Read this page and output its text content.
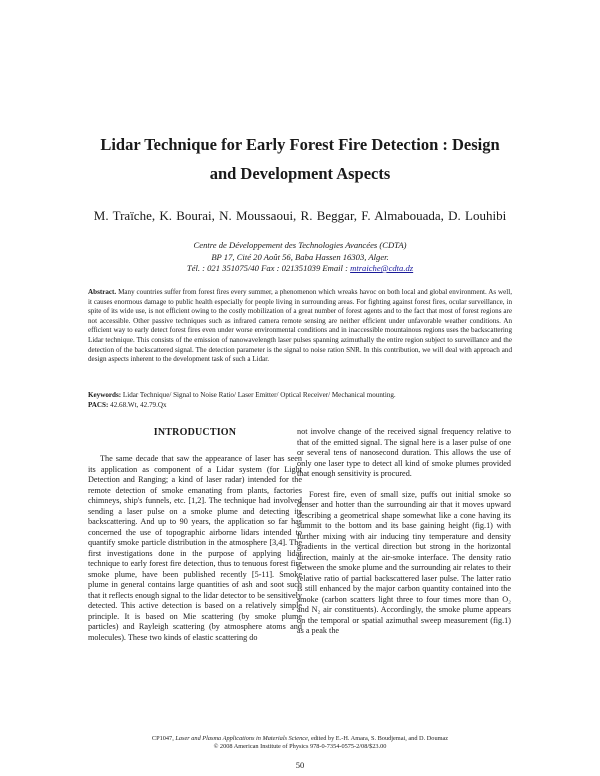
Lidar Technique for Early Forest Fire Detection : Design
and Development Aspects
M. Traïche, K. Bourai, N. Moussaoui, R. Beggar, F. Almabouada, D. Louhibi
Centre de Développement des Technologies Avancées (CDTA)
BP 17, Cité 20 Août 56, Baba Hassen 16303, Alger.
Tél. : 021 351075/40 Fax : 021351039 Email : mtraiche@cdta.dz

Abstract. Many countries suffer from forest fires every summer, a phenomenon which wreaks havoc on both local and global environment. As well, it causes enormous damage to public health especially for people living in surrounding areas. For fighting against forest fires, ocular surveillance, in spite of its wide use, is not efficient owing to the costly mobilization of a great number of forest agents and to the fact that most of forest regions are not accessible. Other passive techniques such as infrared camera remote sensing are neither efficient under unfavorable weather conditions. An efficient way to early detect forest fires even under worse environmental conditions and in inaccessible mountainous regions uses the backscattering Lidar technique. This consists of the emission of nanowavelength laser pulses spanning azimuthally the entire region subject to surveillance and the detection of the backscattered signal. The detection parameter is the signal to noise ration SNR. In this contribution, we will deal with approach and design aspects inherent to the development task of such a Lidar.

Keywords: Lidar Technique/ Signal to Noise Ratio/ Laser Emitter/ Optical Receiver/ Mechanical mounting.
PACS: 42.68.Wt, 42.79.Qx
INTRODUCTION

The same decade that saw the appearance of laser has seen its application as component of a Lidar system (for Light Detection and Ranging; a kind of laser radar) intended for the remote detection of smoke emanating from plants, factories chimneys, ship's funnels, etc. [1,2]. The technique had involved sending a laser pulse on a smoke plume and detecting its backscattering. And up to 90 years, the application so far has concerned the use of topographic airborne lidars intended to quantify smoke particle distribution in the atmosphere [3,4]. The first investigations done in the purpose of applying lidar technique to early forest fire detection, thus to tenuous forest fire smoke plume, have been published recently [5-11]. Smoke plume in general contains large quantities of ash and soot such that it reflects enough signal to the lidar detector to be sensitively detected. This active detection is based on a relatively simple principle. It is based on Mie scattering (by smoke plume particles) and Rayleigh scattering (by atmosphere atoms and molecules). These two kinds of elastic scattering do

not involve change of the received signal frequency relative to that of the emitted signal. The signal here is a laser pulse of one or several tens of nanosecond duration. This allows the use of only one laser type to detect all kind of smoke plumes provided that enough sensitivity is procured.

Forest fire, even of small size, puffs out initial smoke so denser and hotter than the surrounding air that it moves upward describing a geometrical shape somewhat like a cone having its summit to the bottom and its base gaining height (fig.1) with further mixing with air inducing tiny temperature and density gradients in the vertical direction but strong in the horizontal direction, mainly at the air-smoke interface. The density ratio between the smoke plume and the surrounding air relates to their relative ratio of partial backscattered laser pulse. The latter ratio is still enhanced by the major carbon quantity contained into the smoke (carbon scatters light three to four times more than O₂ and N₂ air constituents). Accordingly, the smoke plume appears on the temporal or spatial azimuthal sweep measurement (fig.1) as a peak the

CP1047, Laser and Plasma Applications in Materials Science, edited by E.-H. Amara, S. Boudjemai, and D. Doumaz
© 2008 American Institute of Physics 978-0-7354-0575-2/08/$23.00
50
